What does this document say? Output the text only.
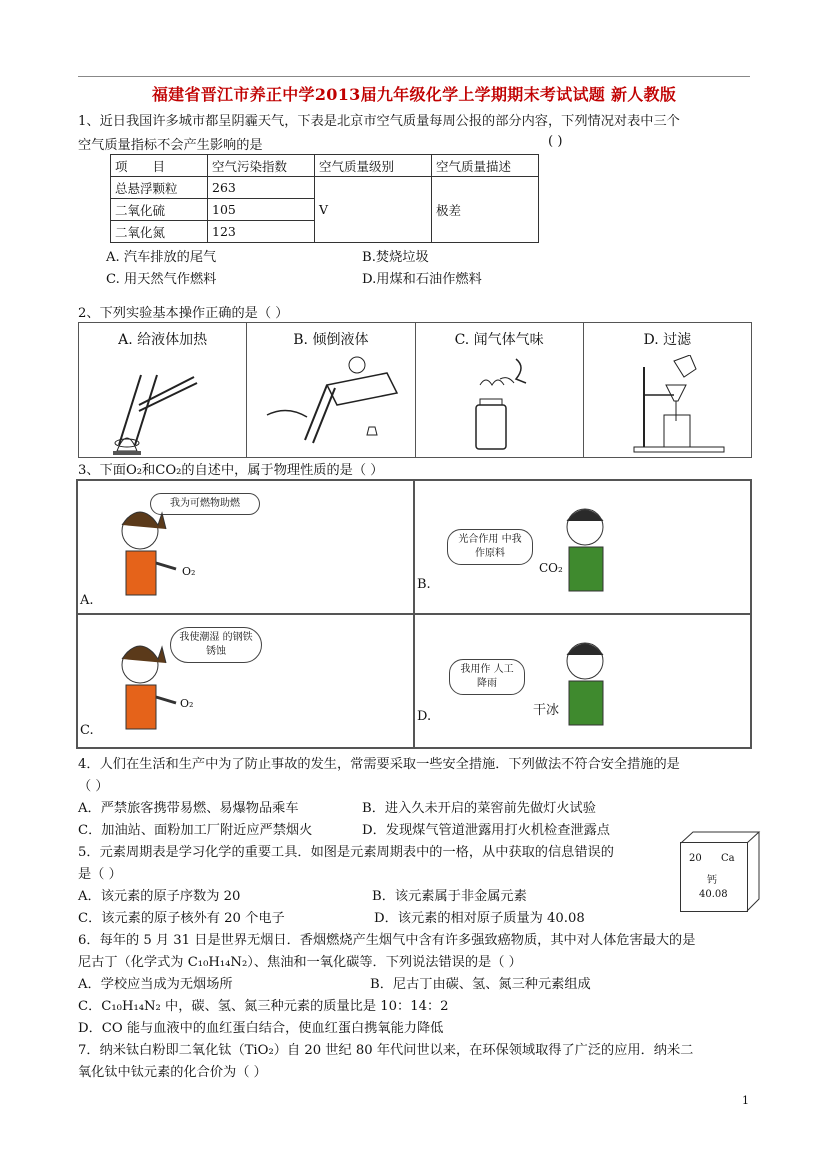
福建省晋江市养正中学2013届九年级化学上学期期末考试试题 新人教版
1、近日我国许多城市都呈阴霾天气，下表是北京市空气质量每周公报的部分内容，下列情况对表中三个
空气质量指标不会产生影响的是	( )
项　　目	空气污染指数	空气质量级别	空气质量描述
总悬浮颗粒	263	Ⅴ	极差
二氧化硫	105		
二氧化氮	123		
A. 汽车排放的尾气	B.焚烧垃圾
C. 用天然气作燃料	D.用煤和石油作燃料
2、下列实验基本操作正确的是（ ）
A. 给液体加热	B. 倾倒液体	C. 闻气体气味	D. 过滤
3、下面O₂和CO₂的自述中，属于物理性质的是（ ）
我为可燃物助燃
O₂
A.
光合作用 中我作原料
CO₂
B.
我使潮湿 的钢铁锈蚀
O₂
C.
我用作 人工降雨
干冰
D.
4．人们在生活和生产中为了防止事故的发生，常需要采取一些安全措施．下列做法不符合安全措施的是
（ ）
A．严禁旅客携带易燃、易爆物品乘车	B．进入久未开启的菜窖前先做灯火试验
C．加油站、面粉加工厂附近应严禁烟火	D．发现煤气管道泄露用打火机检查泄露点
5．元素周期表是学习化学的重要工具．如图是元素周期表中的一格，从中获取的信息错误的
是（ ）
A．该元素的原子序数为 20	B．该元素属于非金属元素
C．该元素的原子核外有 20 个电子	D．该元素的相对原子质量为 40.08
20 Ca
钙
40.08
6．每年的 5 月 31 日是世界无烟日．香烟燃烧产生烟气中含有许多强致癌物质，其中对人体危害最大的是
尼古丁（化学式为 C₁₀H₁₄N₂）、焦油和一氧化碳等．下列说法错误的是（ ）
A．学校应当成为无烟场所	B．尼古丁由碳、氢、氮三种元素组成
C．C₁₀H₁₄N₂ 中，碳、氢、氮三种元素的质量比是 10：14：2
D．CO 能与血液中的血红蛋白结合，使血红蛋白携氧能力降低
7．纳米钛白粉即二氧化钛（TiO₂）自 20 世纪 80 年代问世以来，在环保领域取得了广泛的应用．纳米二
氧化钛中钛元素的化合价为（ ）
1
